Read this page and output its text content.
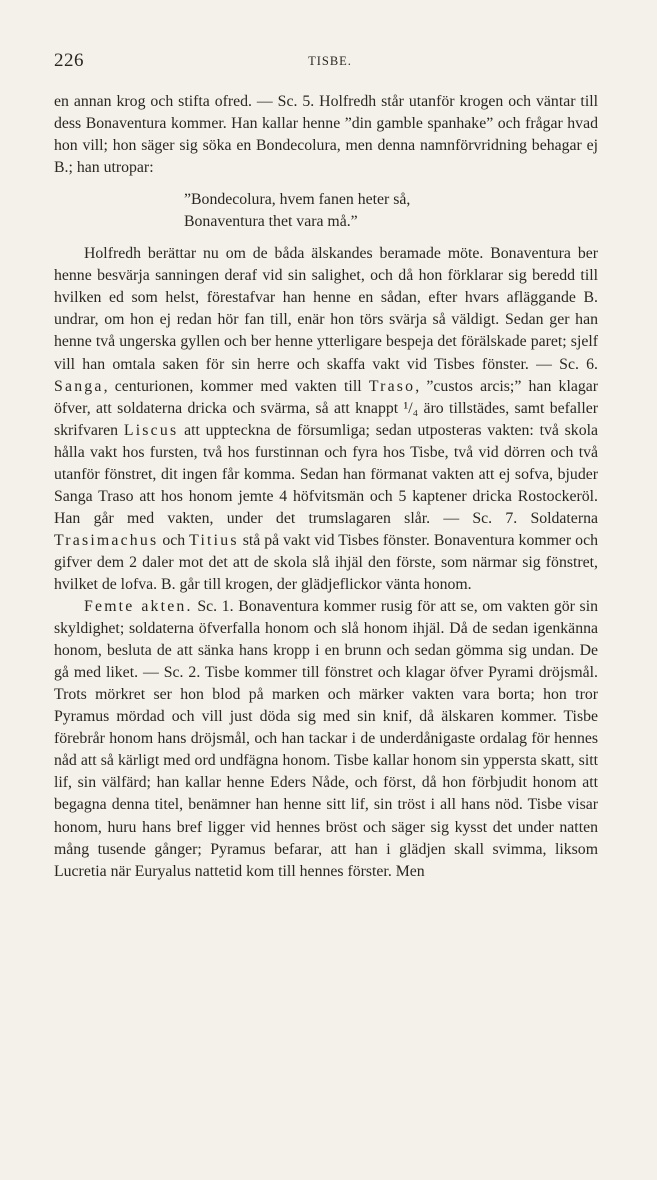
226	TISBE.

en annan krog och stifta ofred. — Sc. 5. Holfredh står utanför krogen och väntar till dess Bonaventura kommer. Han kallar henne ”din gamble spanhake” och frågar hvad hon vill; hon säger sig söka en Bondecolura, men denna namnförvridning behagar ej B.; han utropar:

”Bondecolura, hvem fanen heter så,
Bonaventura thet vara må.”

Holfredh berättar nu om de båda älskandes beramade möte. Bonaventura ber henne besvärja sanningen deraf vid sin salighet, och då hon förklarar sig beredd till hvilken ed som helst, förestafvar han henne en sådan, efter hvars afläggande B. undrar, om hon ej redan hör fan till, enär hon törs svärja så väldigt. Sedan ger han henne två ungerska gyllen och ber henne ytterligare bespeja det förälskade paret; sjelf vill han omtala saken för sin herre och skaffa vakt vid Tisbes fönster. — Sc. 6. Sanga, centurionen, kommer med vakten till Traso, ”custos arcis;” han klagar öfver, att soldaterna dricka och svärma, så att knappt ¹/₄ äro tillstädes, samt befaller skrifvaren Liscus att uppteckna de försumliga; sedan utposteras vakten: två skola hålla vakt hos fursten, två hos furstinnan och fyra hos Tisbe, två vid dörren och två utanför fönstret, dit ingen får komma. Sedan han förmanat vakten att ej sofva, bjuder Sanga Traso att hos honom jemte 4 höfvitsmän och 5 kaptener dricka Rostockeröl. Han går med vakten, under det trumslagaren slår. — Sc. 7. Soldaterna Trasimachus och Titius stå på vakt vid Tisbes fönster. Bonaventura kommer och gifver dem 2 daler mot det att de skola slå ihjäl den förste, som närmar sig fönstret, hvilket de lofva. B. går till krogen, der glädjeflickor vänta honom.

Femte akten. Sc. 1. Bonaventura kommer rusig för att se, om vakten gör sin skyldighet; soldaterna öfverfalla honom och slå honom ihjäl. Då de sedan igenkänna honom, besluta de att sänka hans kropp i en brunn och sedan gömma sig undan. De gå med liket. — Sc. 2. Tisbe kommer till fönstret och klagar öfver Pyrami dröjsmål. Trots mörkret ser hon blod på marken och märker vakten vara borta; hon tror Pyramus mördad och vill just döda sig med sin knif, då älskaren kommer. Tisbe förebrår honom hans dröjsmål, och han tackar i de underdånigaste ordalag för hennes nåd att så kärligt med ord undfägna honom. Tisbe kallar honom sin yppersta skatt, sitt lif, sin välfärd; han kallar henne Eders Nåde, och först, då hon förbjudit honom att begagna denna titel, benämner han henne sitt lif, sin tröst i all hans nöd. Tisbe visar honom, huru hans bref ligger vid hennes bröst och säger sig kysst det under natten mång tusende gånger; Pyramus befarar, att han i glädjen skall svimma, liksom Lucretia när Euryalus nattetid kom till hennes förster. Men
